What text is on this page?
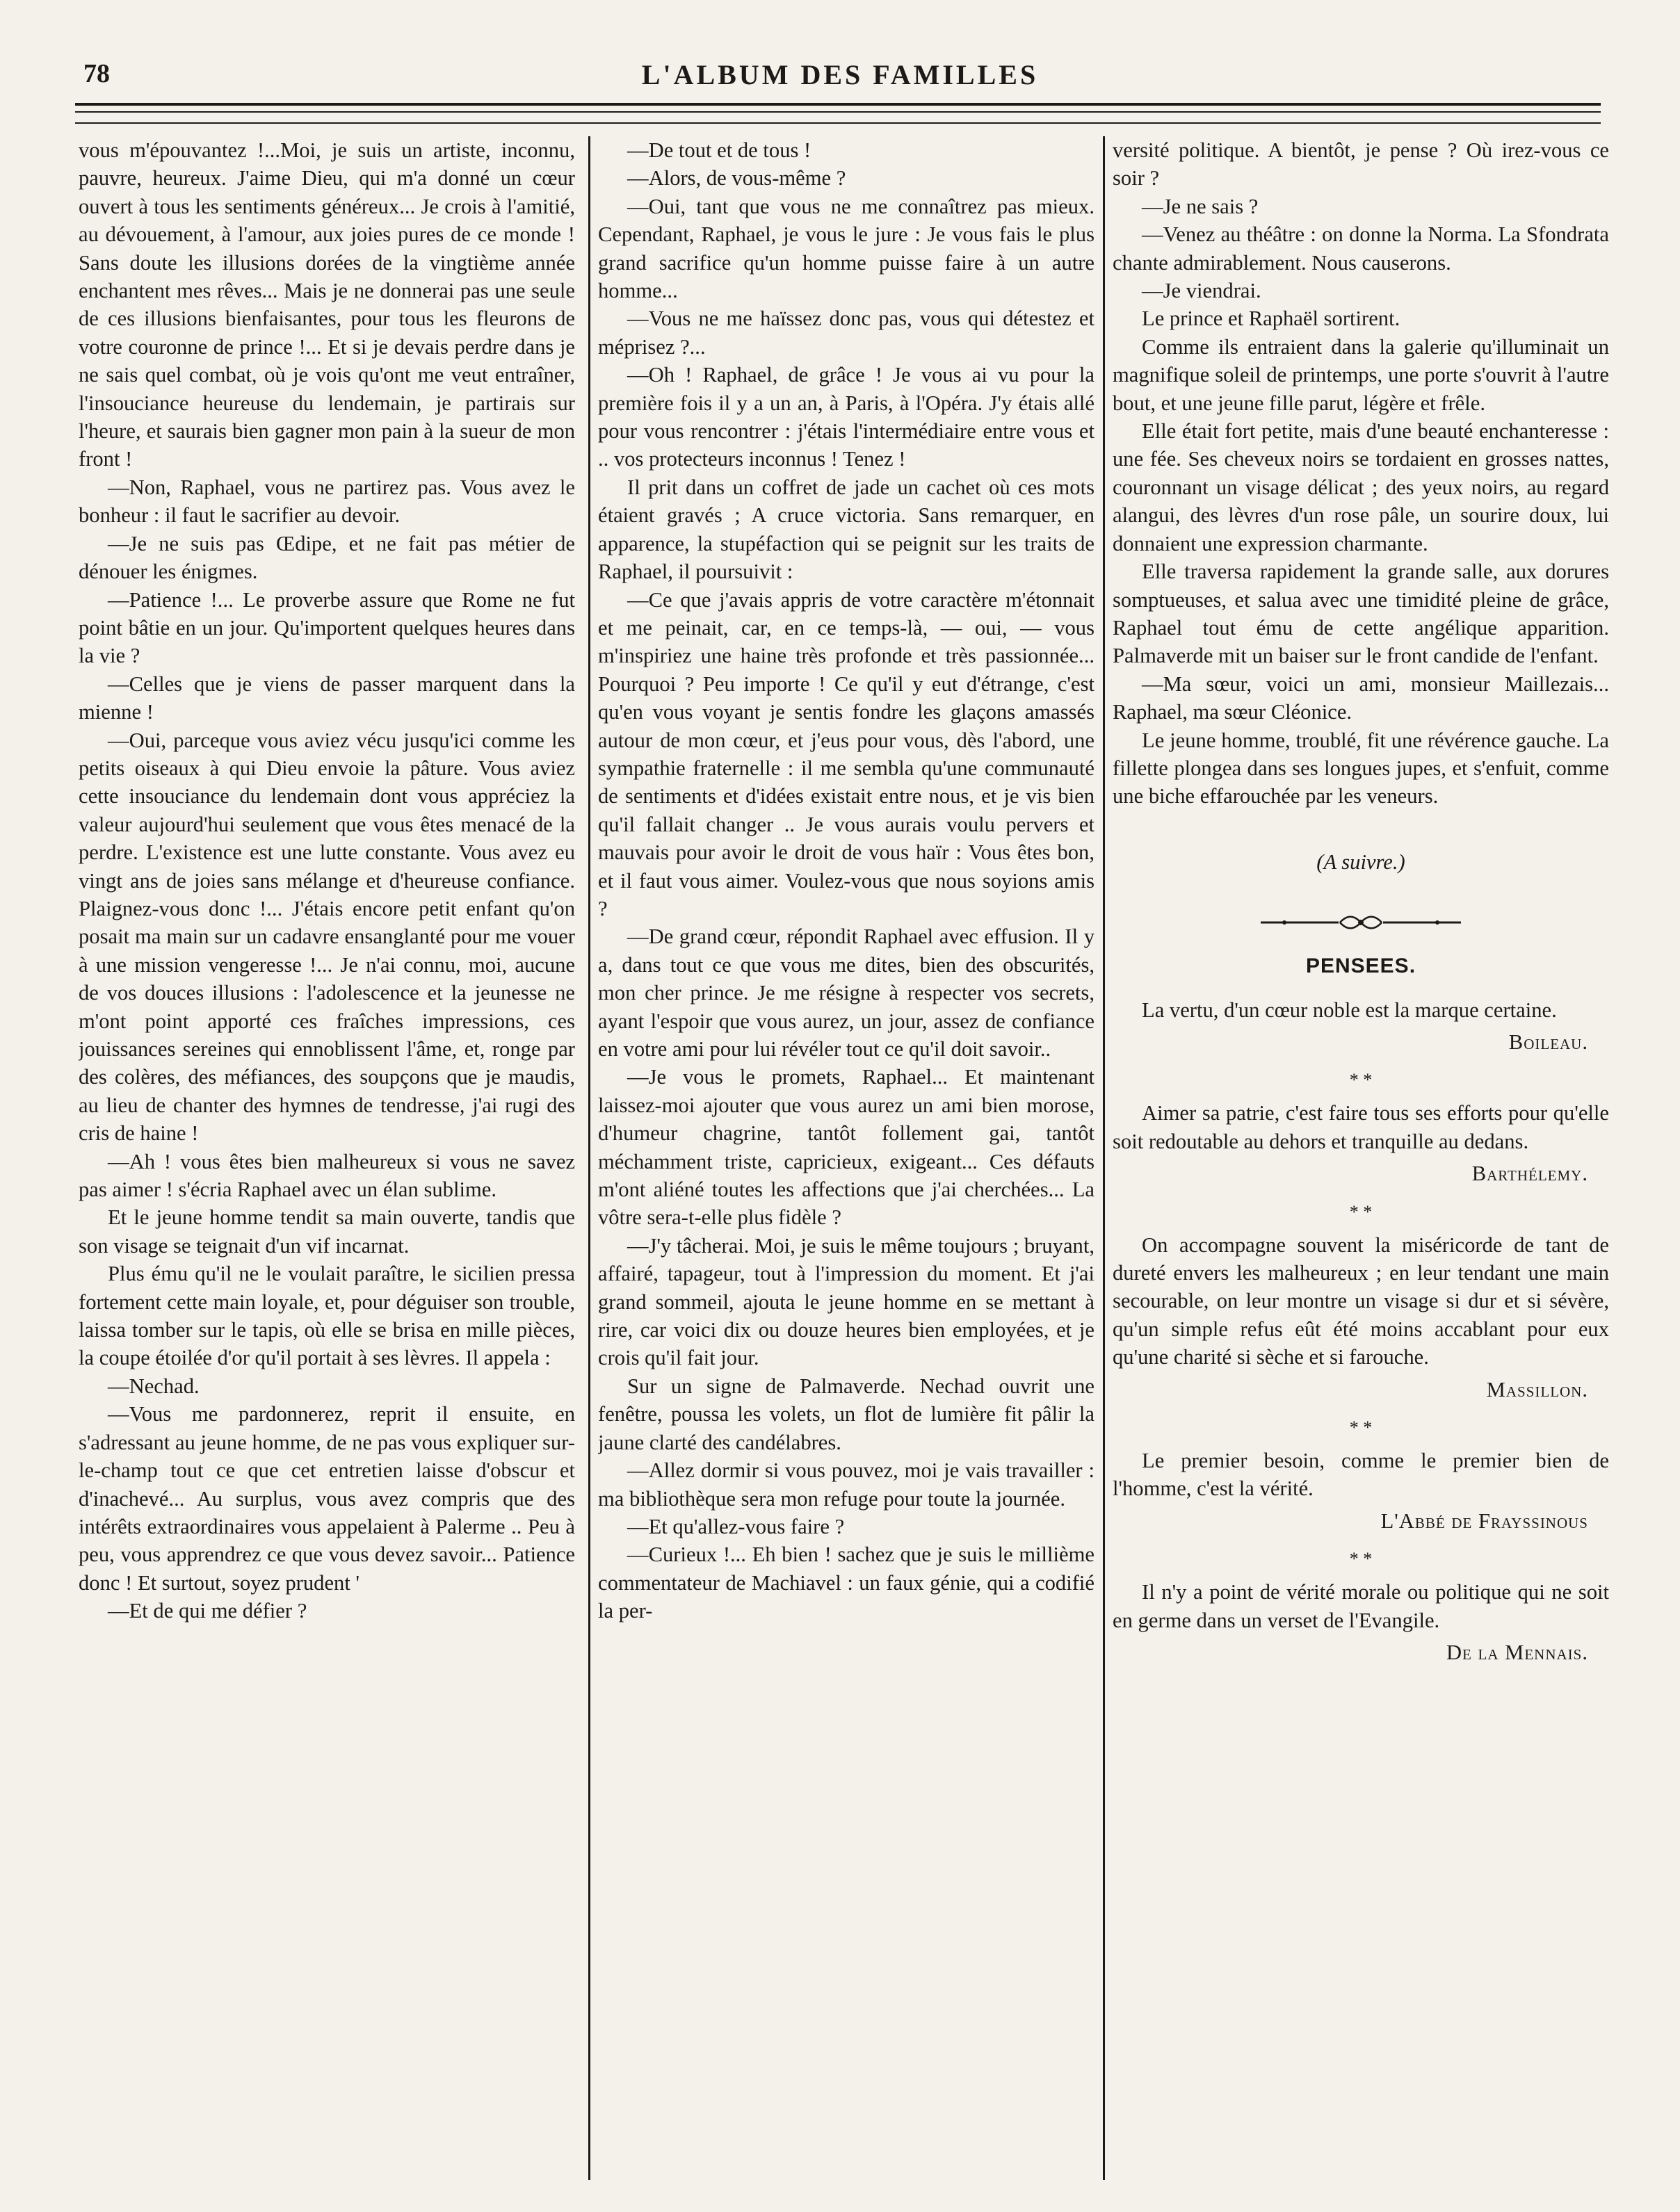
78	L'ALBUM DES FAMILLES

vous m'épouvantez !...Moi, je suis un artiste, inconnu, pauvre, heureux. J'aime Dieu, qui m'a donné un cœur ouvert à tous les sentiments généreux... Je crois à l'amitié, au dévouement, à l'amour, aux joies pures de ce monde ! Sans doute les illusions dorées de la vingtième année enchantent mes rêves... Mais je ne donnerai pas une seule de ces illusions bienfaisantes, pour tous les fleurons de votre couronne de prince !... Et si je devais perdre dans je ne sais quel combat, où je vois qu'ont me veut entraîner, l'insouciance heureuse du lendemain, je partirais sur l'heure, et saurais bien gagner mon pain à la sueur de mon front !

—Non, Raphael, vous ne partirez pas. Vous avez le bonheur : il faut le sacrifier au devoir.

—Je ne suis pas Œdipe, et ne fait pas métier de dénouer les énigmes.

—Patience !... Le proverbe assure que Rome ne fut point bâtie en un jour. Qu'importent quelques heures dans la vie ?

—Celles que je viens de passer marquent dans la mienne !

—Oui, parceque vous aviez vécu jusqu'ici comme les petits oiseaux à qui Dieu envoie la pâture. Vous aviez cette insouciance du lendemain dont vous appréciez la valeur aujourd'hui seulement que vous êtes menacé de la perdre. L'existence est une lutte constante. Vous avez eu vingt ans de joies sans mélange et d'heureuse confiance. Plaignez-vous donc !... J'étais encore petit enfant qu'on posait ma main sur un cadavre ensanglanté pour me vouer à une mission vengeresse !... Je n'ai connu, moi, aucune de vos douces illusions : l'adolescence et la jeunesse ne m'ont point apporté ces fraîches impressions, ces jouissances sereines qui ennoblissent l'âme, et, ronge par des colères, des méfiances, des soupçons que je maudis, au lieu de chanter des hymnes de tendresse, j'ai rugi des cris de haine !

—Ah ! vous êtes bien malheureux si vous ne savez pas aimer ! s'écria Raphael avec un élan sublime.

Et le jeune homme tendit sa main ouverte, tandis que son visage se teignait d'un vif incarnat.

Plus ému qu'il ne le voulait paraître, le sicilien pressa fortement cette main loyale, et, pour déguiser son trouble, laissa tomber sur le tapis, où elle se brisa en mille pièces, la coupe étoilée d'or qu'il portait à ses lèvres. Il appela :

—Nechad.

—Vous me pardonnerez, reprit il ensuite, en s'adressant au jeune homme, de ne pas vous expliquer sur-le-champ tout ce que cet entretien laisse d'obscur et d'inachevé... Au surplus, vous avez compris que des intérêts extraordinaires vous appelaient à Palerme .. Peu à peu, vous apprendrez ce que vous devez savoir... Patience donc ! Et surtout, soyez prudent '

—Et de qui me défier ?

—De tout et de tous !

—Alors, de vous-même ?

—Oui, tant que vous ne me connaîtrez pas mieux. Cependant, Raphael, je vous le jure : Je vous fais le plus grand sacrifice qu'un homme puisse faire à un autre homme...

—Vous ne me haïssez donc pas, vous qui détestez et méprisez ?...

—Oh ! Raphael, de grâce ! Je vous ai vu pour la première fois il y a un an, à Paris, à l'Opéra. J'y étais allé pour vous rencontrer : j'étais l'intermédiaire entre vous et .. vos protecteurs inconnus ! Tenez !

Il prit dans un coffret de jade un cachet où ces mots étaient gravés ; A cruce victoria. Sans remarquer, en apparence, la stupéfaction qui se peignit sur les traits de Raphael, il poursuivit :

—Ce que j'avais appris de votre caractère m'étonnait et me peinait, car, en ce temps-là, — oui, — vous m'inspiriez une haine très profonde et très passionnée... Pourquoi ? Peu importe ! Ce qu'il y eut d'étrange, c'est qu'en vous voyant je sentis fondre les glaçons amassés autour de mon cœur, et j'eus pour vous, dès l'abord, une sympathie fraternelle : il me sembla qu'une communauté de sentiments et d'idées existait entre nous, et je vis bien qu'il fallait changer .. Je vous aurais voulu pervers et mauvais pour avoir le droit de vous haïr : Vous êtes bon, et il faut vous aimer. Voulez-vous que nous soyions amis ?

—De grand cœur, répondit Raphael avec effusion. Il y a, dans tout ce que vous me dites, bien des obscurités, mon cher prince. Je me résigne à respecter vos secrets, ayant l'espoir que vous aurez, un jour, assez de confiance en votre ami pour lui révéler tout ce qu'il doit savoir..

—Je vous le promets, Raphael... Et maintenant laissez-moi ajouter que vous aurez un ami bien morose, d'humeur chagrine, tantôt follement gai, tantôt méchamment triste, capricieux, exigeant... Ces défauts m'ont aliéné toutes les affections que j'ai cherchées... La vôtre sera-t-elle plus fidèle ?

—J'y tâcherai. Moi, je suis le même toujours ; bruyant, affairé, tapageur, tout à l'impression du moment. Et j'ai grand sommeil, ajouta le jeune homme en se mettant à rire, car voici dix ou douze heures bien employées, et je crois qu'il fait jour.

Sur un signe de Palmaverde. Nechad ouvrit une fenêtre, poussa les volets, un flot de lumière fit pâlir la jaune clarté des candélabres.

—Allez dormir si vous pouvez, moi je vais travailler : ma bibliothèque sera mon refuge pour toute la journée.

—Et qu'allez-vous faire ?

—Curieux !... Eh bien ! sachez que je suis le millième commentateur de Machiavel : un faux génie, qui a codifié la per-

versité politique. A bientôt, je pense ? Où irez-vous ce soir ?

—Je ne sais ?

—Venez au théâtre : on donne la Norma. La Sfondrata chante admirablement. Nous causerons.

—Je viendrai.

Le prince et Raphaël sortirent.

Comme ils entraient dans la galerie qu'illuminait un magnifique soleil de printemps, une porte s'ouvrit à l'autre bout, et une jeune fille parut, légère et frêle.

Elle était fort petite, mais d'une beauté enchanteresse : une fée. Ses cheveux noirs se tordaient en grosses nattes, couronnant un visage délicat ; des yeux noirs, au regard alangui, des lèvres d'un rose pâle, un sourire doux, lui donnaient une expression charmante.

Elle traversa rapidement la grande salle, aux dorures somptueuses, et salua avec une timidité pleine de grâce, Raphael tout ému de cette angélique apparition. Palmaverde mit un baiser sur le front candide de l'enfant.

—Ma sœur, voici un ami, monsieur Maillezais... Raphael, ma sœur Cléonice.

Le jeune homme, troublé, fit une révérence gauche. La fillette plongea dans ses longues jupes, et s'enfuit, comme une biche effarouchée par les veneurs.

(A suivre.)

PENSEES.

La vertu, d'un cœur noble est la marque certaine.

Boileau.

* *

Aimer sa patrie, c'est faire tous ses efforts pour qu'elle soit redoutable au dehors et tranquille au dedans.

Barthélemy.

* *

On accompagne souvent la miséricorde de tant de dureté envers les malheureux ; en leur tendant une main secourable, on leur montre un visage si dur et si sévère, qu'un simple refus eût été moins accablant pour eux qu'une charité si sèche et si farouche.

Massillon.

* *

Le premier besoin, comme le premier bien de l'homme, c'est la vérité.

L'Abbé de Frayssinous

* *

Il n'y a point de vérité morale ou politique qui ne soit en germe dans un verset de l'Evangile.

De la Mennais.
